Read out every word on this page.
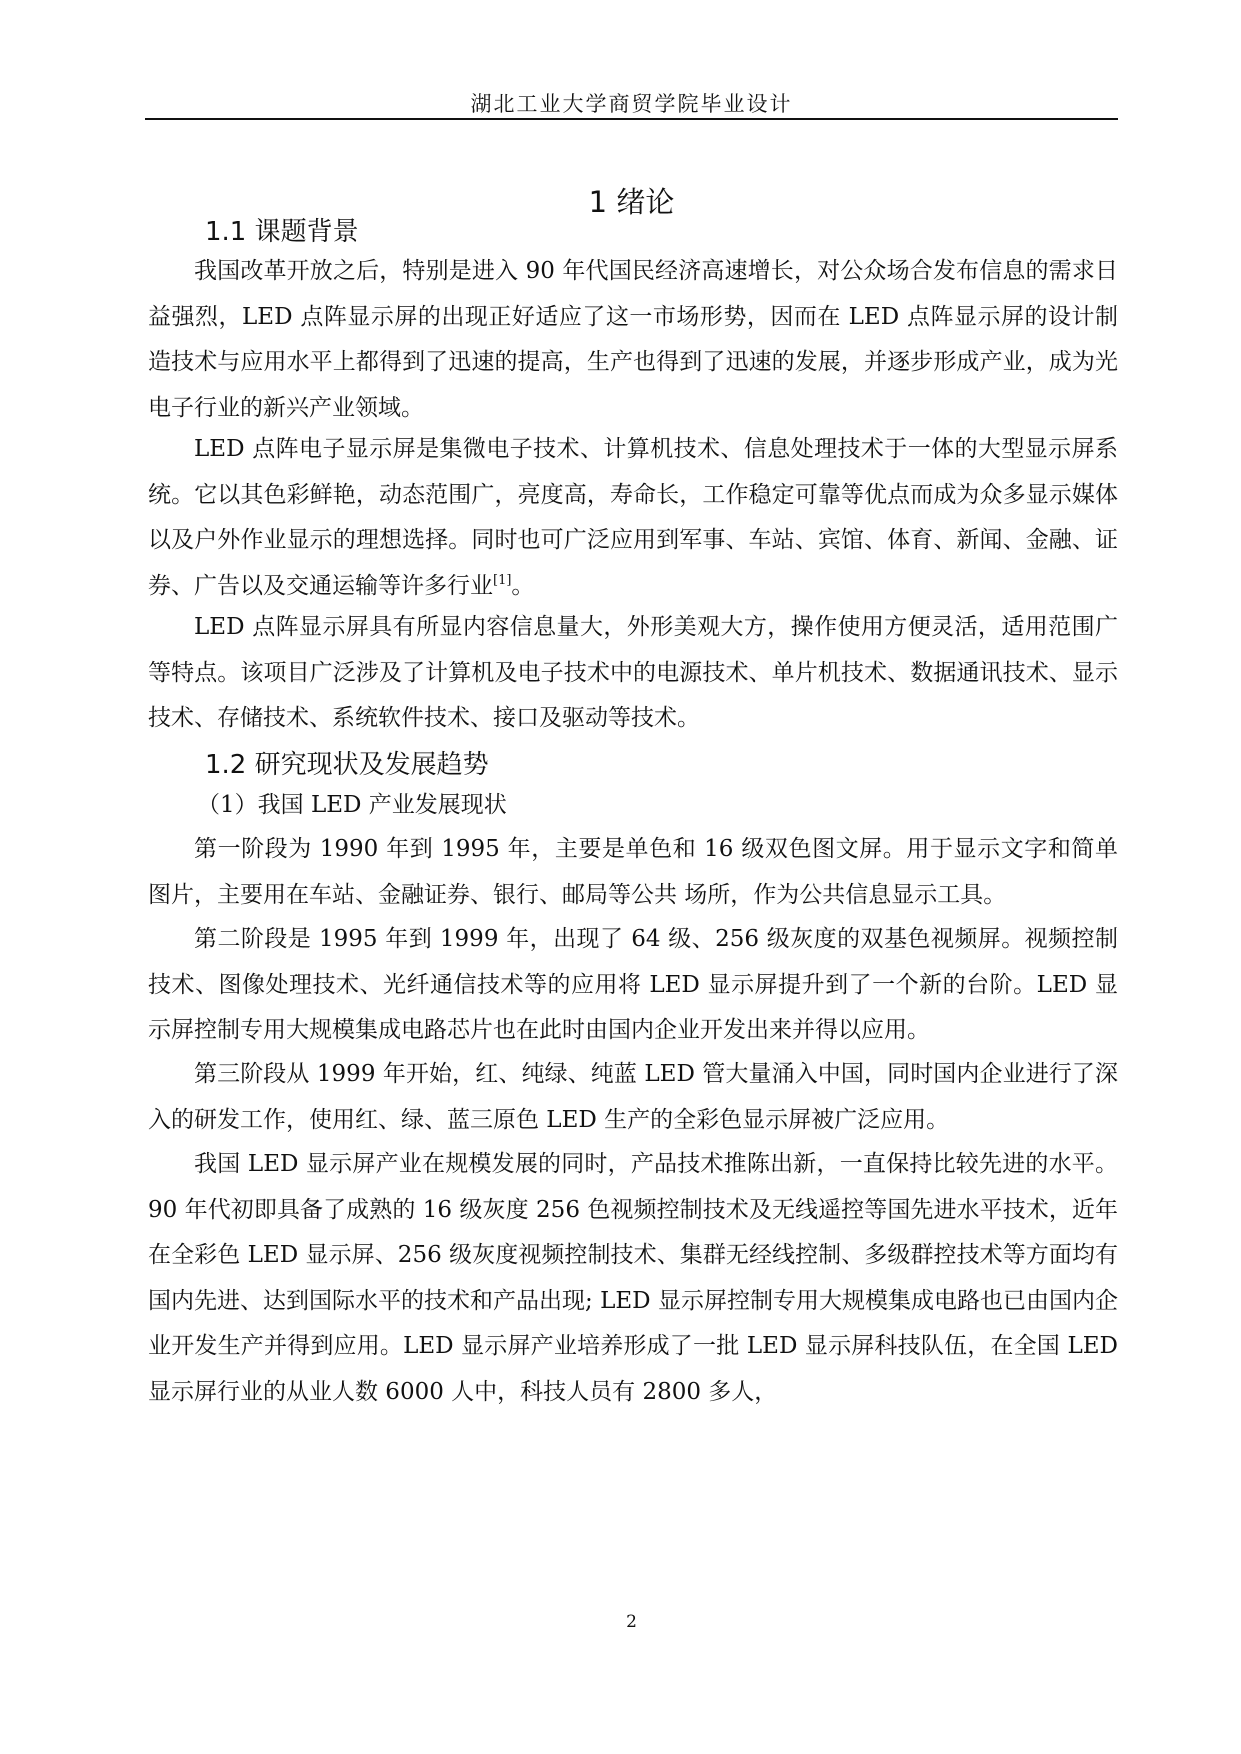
湖北工业大学商贸学院毕业设计
1 绪论
1.1 课题背景

我国改革开放之后，特别是进入 90 年代国民经济高速增长，对公众场合发布信息的需求日益强烈，LED 点阵显示屏的出现正好适应了这一市场形势，因而在 LED 点阵显示屏的设计制造技术与应用水平上都得到了迅速的提高，生产也得到了迅速的发展，并逐步形成产业，成为光电子行业的新兴产业领域。

LED 点阵电子显示屏是集微电子技术、计算机技术、信息处理技术于一体的大型显示屏系统。它以其色彩鲜艳，动态范围广，亮度高，寿命长，工作稳定可靠等优点而成为众多显示媒体以及户外作业显示的理想选择。同时也可广泛应用到军事、车站、宾馆、体育、新闻、金融、证券、广告以及交通运输等许多行业[1]。

LED 点阵显示屏具有所显内容信息量大，外形美观大方，操作使用方便灵活，适用范围广等特点。该项目广泛涉及了计算机及电子技术中的电源技术、单片机技术、数据通讯技术、显示技术、存储技术、系统软件技术、接口及驱动等技术。

1.2 研究现状及发展趋势
（1）我国 LED 产业发展现状

第一阶段为 1990 年到 1995 年，主要是单色和 16 级双色图文屏。用于显示文字和简单图片，主要用在车站、金融证券、银行、邮局等公共 场所，作为公共信息显示工具。

第二阶段是 1995 年到 1999 年，出现了 64 级、256 级灰度的双基色视频屏。视频控制技术、图像处理技术、光纤通信技术等的应用将 LED 显示屏提升到了一个新的台阶。LED 显示屏控制专用大规模集成电路芯片也在此时由国内企业开发出来并得以应用。

第三阶段从 1999 年开始，红、纯绿、纯蓝 LED 管大量涌入中国，同时国内企业进行了深入的研发工作，使用红、绿、蓝三原色 LED 生产的全彩色显示屏被广泛应用。

我国 LED 显示屏产业在规模发展的同时，产品技术推陈出新，一直保持比较先进的水平。 90 年代初即具备了成熟的 16 级灰度 256 色视频控制技术及无线遥控等国先进水平技术，近年在全彩色 LED 显示屏、256 级灰度视频控制技术、集群无经线控制、多级群控技术等方面均有国内先进、达到国际水平的技术和产品出现; LED 显示屏控制专用大规模集成电路也已由国内企业开发生产并得到应用。LED 显示屏产业培养形成了一批 LED 显示屏科技队伍，在全国 LED 显示屏行业的从业人数 6000 人中，科技人员有 2800 多人，

2
